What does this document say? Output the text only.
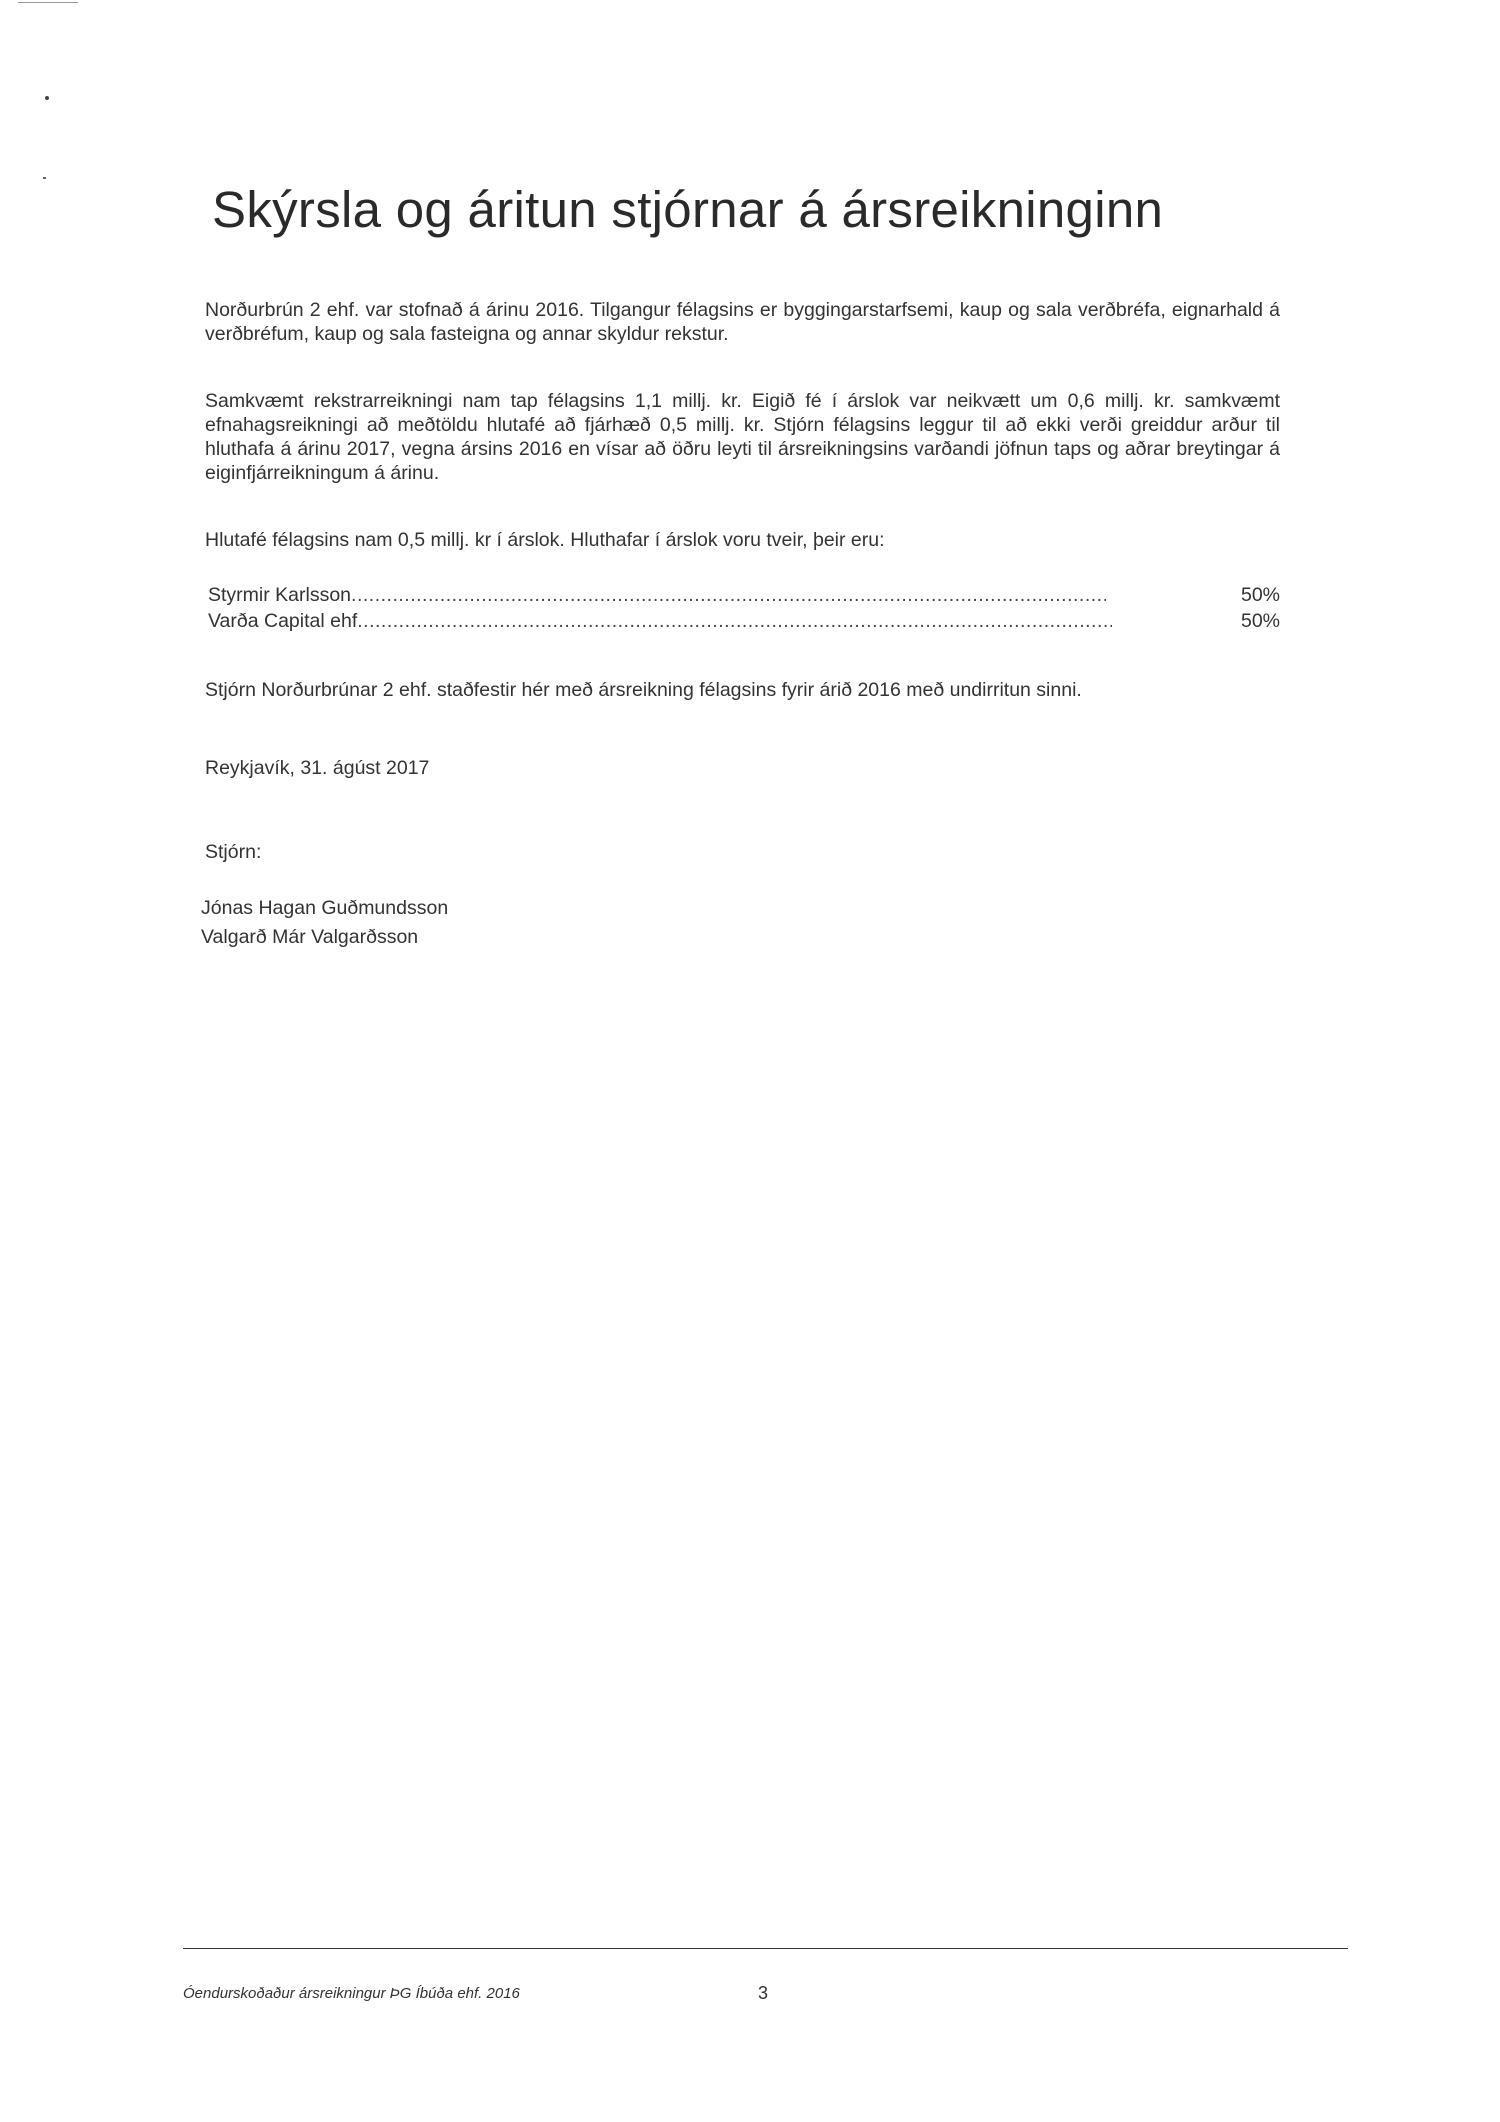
Skýrsla og áritun stjórnar á ársreikninginn

Norðurbrún 2 ehf. var stofnað á árinu 2016. Tilgangur félagsins er byggingarstarfsemi, kaup og sala verðbréfa, eignarhald á verðbréfum, kaup og sala fasteigna og annar skyldur rekstur.

Samkvæmt rekstrarreikningi nam tap félagsins 1,1 millj. kr. Eigið fé í árslok var neikvætt um 0,6 millj. kr. samkvæmt efnahagsreikningi að meðtöldu hlutafé að fjárhæð 0,5 millj. kr. Stjórn félagsins leggur til að ekki verði greiddur arður til hluthafa á árinu 2017, vegna ársins 2016 en vísar að öðru leyti til ársreikningsins varðandi jöfnun taps og aðrar breytingar á eiginfjárreikningum á árinu.

Hlutafé félagsins nam 0,5 millj. kr í árslok. Hluthafar í árslok voru tveir, þeir eru:

Styrmir Karlsson .....	50%
Varða Capital ehf .....	50%

Stjórn Norðurbrúnar 2 ehf. staðfestir hér með ársreikning félagsins fyrir árið 2016 með undirritun sinni.

Reykjavík, 31. ágúst 2017

Stjórn:

Jónas Hagan Guðmundsson
Valgarð Már Valgarðsson
Óendurskoðaður ársreikningur ÞG Íbúða ehf. 2016	3
